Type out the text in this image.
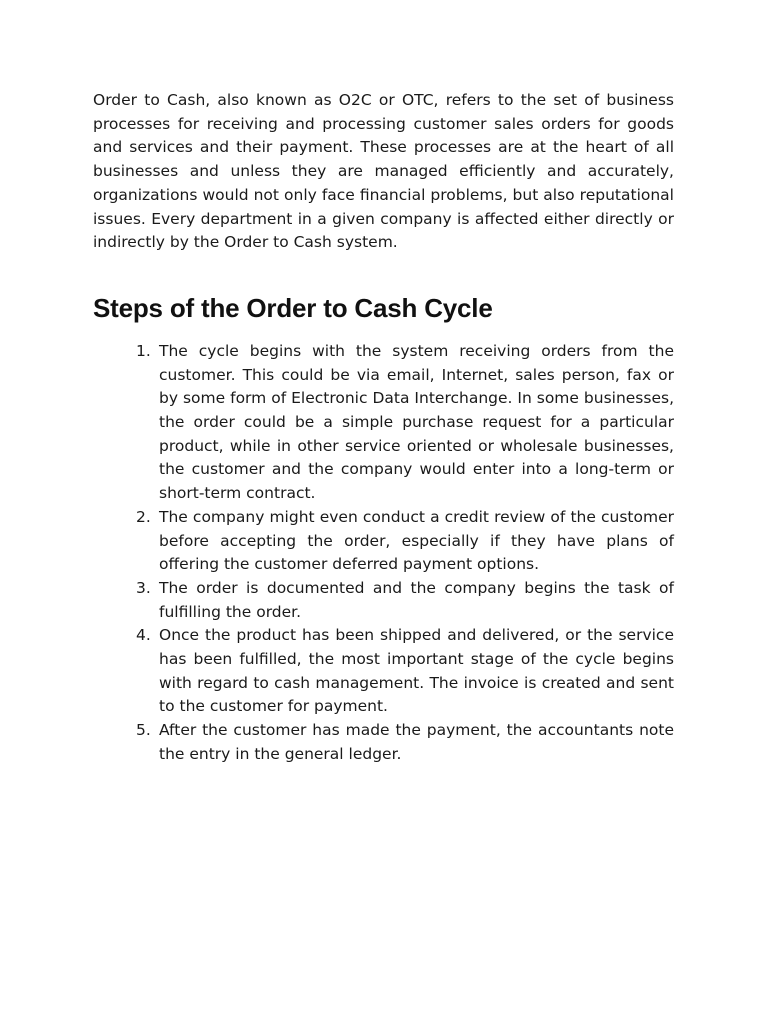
Order to Cash, also known as O2C or OTC, refers to the set of business processes for receiving and processing customer sales orders for goods and services and their payment. These processes are at the heart of all businesses and unless they are managed efficiently and accurately, organizations would not only face financial problems, but also reputational issues. Every department in a given company is affected either directly or indirectly by the Order to Cash system.

Steps of the Order to Cash Cycle
1. The cycle begins with the system receiving orders from the customer. This could be via email, Internet, sales person, fax or by some form of Electronic Data Interchange. In some businesses, the order could be a simple purchase request for a particular product, while in other service oriented or wholesale businesses, the customer and the company would enter into a long-term or short-term contract.
2. The company might even conduct a credit review of the customer before accepting the order, especially if they have plans of offering the customer deferred payment options.
3. The order is documented and the company begins the task of fulfilling the order.
4. Once the product has been shipped and delivered, or the service has been fulfilled, the most important stage of the cycle begins with regard to cash management. The invoice is created and sent to the customer for payment.
5. After the customer has made the payment, the accountants note the entry in the general ledger.
